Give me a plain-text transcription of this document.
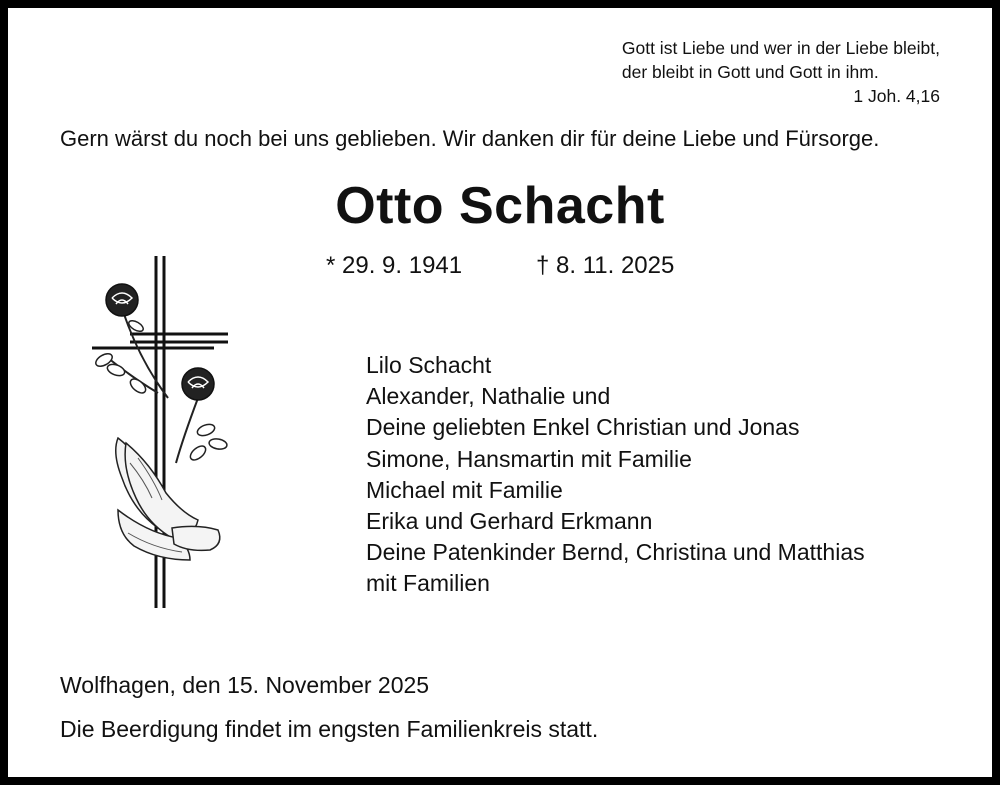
Gott ist Liebe und wer in der Liebe bleibt,
der bleibt in Gott und Gott in ihm.
1 Joh. 4,16
Gern wärst du noch bei uns geblieben. Wir danken dir für deine Liebe und Fürsorge.
Otto Schacht
* 29. 9. 1941	† 8. 11. 2025
Lilo Schacht
Alexander, Nathalie und
Deine geliebten Enkel Christian und Jonas
Simone, Hansmartin mit Familie
Michael mit Familie
Erika und Gerhard Erkmann
Deine Patenkinder Bernd, Christina und Matthias
mit Familien
Wolfhagen, den 15. November 2025
Die Beerdigung findet im engsten Familienkreis statt.
